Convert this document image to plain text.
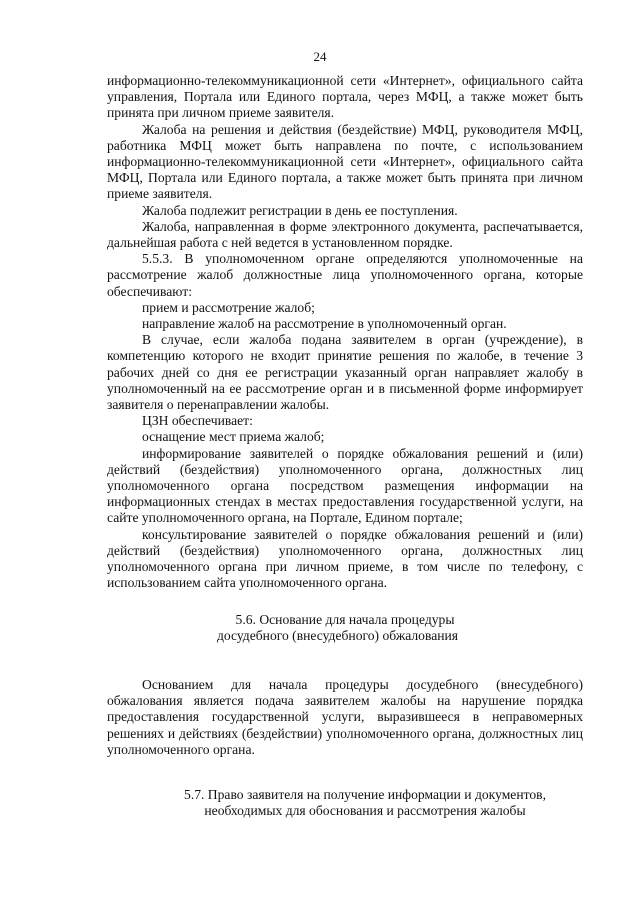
24

информационно-телекоммуникационной сети «Интернет», официального сайта управления, Портала или Единого портала, через МФЦ, а также может быть принята при личном приеме заявителя.

Жалоба на решения и действия (бездействие) МФЦ, руководителя МФЦ, работника МФЦ может быть направлена по почте, с использованием информационно-телекоммуникационной сети «Интернет», официального сайта МФЦ, Портала или Единого портала, а также может быть принята при личном приеме заявителя.

Жалоба подлежит регистрации в день ее поступления.

Жалоба, направленная в форме электронного документа, распечатывается, дальнейшая работа с ней ведется в установленном порядке.

5.5.3. В уполномоченном органе определяются уполномоченные на рассмотрение жалоб должностные лица уполномоченного органа, которые обеспечивают:

прием и рассмотрение жалоб;

направление жалоб на рассмотрение в уполномоченный орган.

В случае, если жалоба подана заявителем в орган (учреждение), в компетенцию которого не входит принятие решения по жалобе, в течение 3 рабочих дней со дня ее регистрации указанный орган направляет жалобу в уполномоченный на ее рассмотрение орган и в письменной форме информирует заявителя о перенаправлении жалобы.

ЦЗН обеспечивает:

оснащение мест приема жалоб;

информирование заявителей о порядке обжалования решений и (или) действий (бездействия) уполномоченного органа, должностных лиц уполномоченного органа посредством размещения информации на информационных стендах в местах предоставления государственной услуги, на сайте уполномоченного органа, на Портале, Едином портале;

консультирование заявителей о порядке обжалования решений и (или) действий (бездействия) уполномоченного органа, должностных лиц уполномоченного органа при личном приеме, в том числе по телефону, с использованием сайта уполномоченного органа.

5.6. Основание для начала процедуры
досудебного (внесудебного) обжалования

Основанием для начала процедуры досудебного (внесудебного) обжалования является подача заявителем жалобы на нарушение порядка предоставления государственной услуги, выразившееся в неправомерных решениях и действиях (бездействии) уполномоченного органа, должностных лиц уполномоченного органа.

5.7. Право заявителя на получение информации и документов,
необходимых для обоснования и рассмотрения жалобы
